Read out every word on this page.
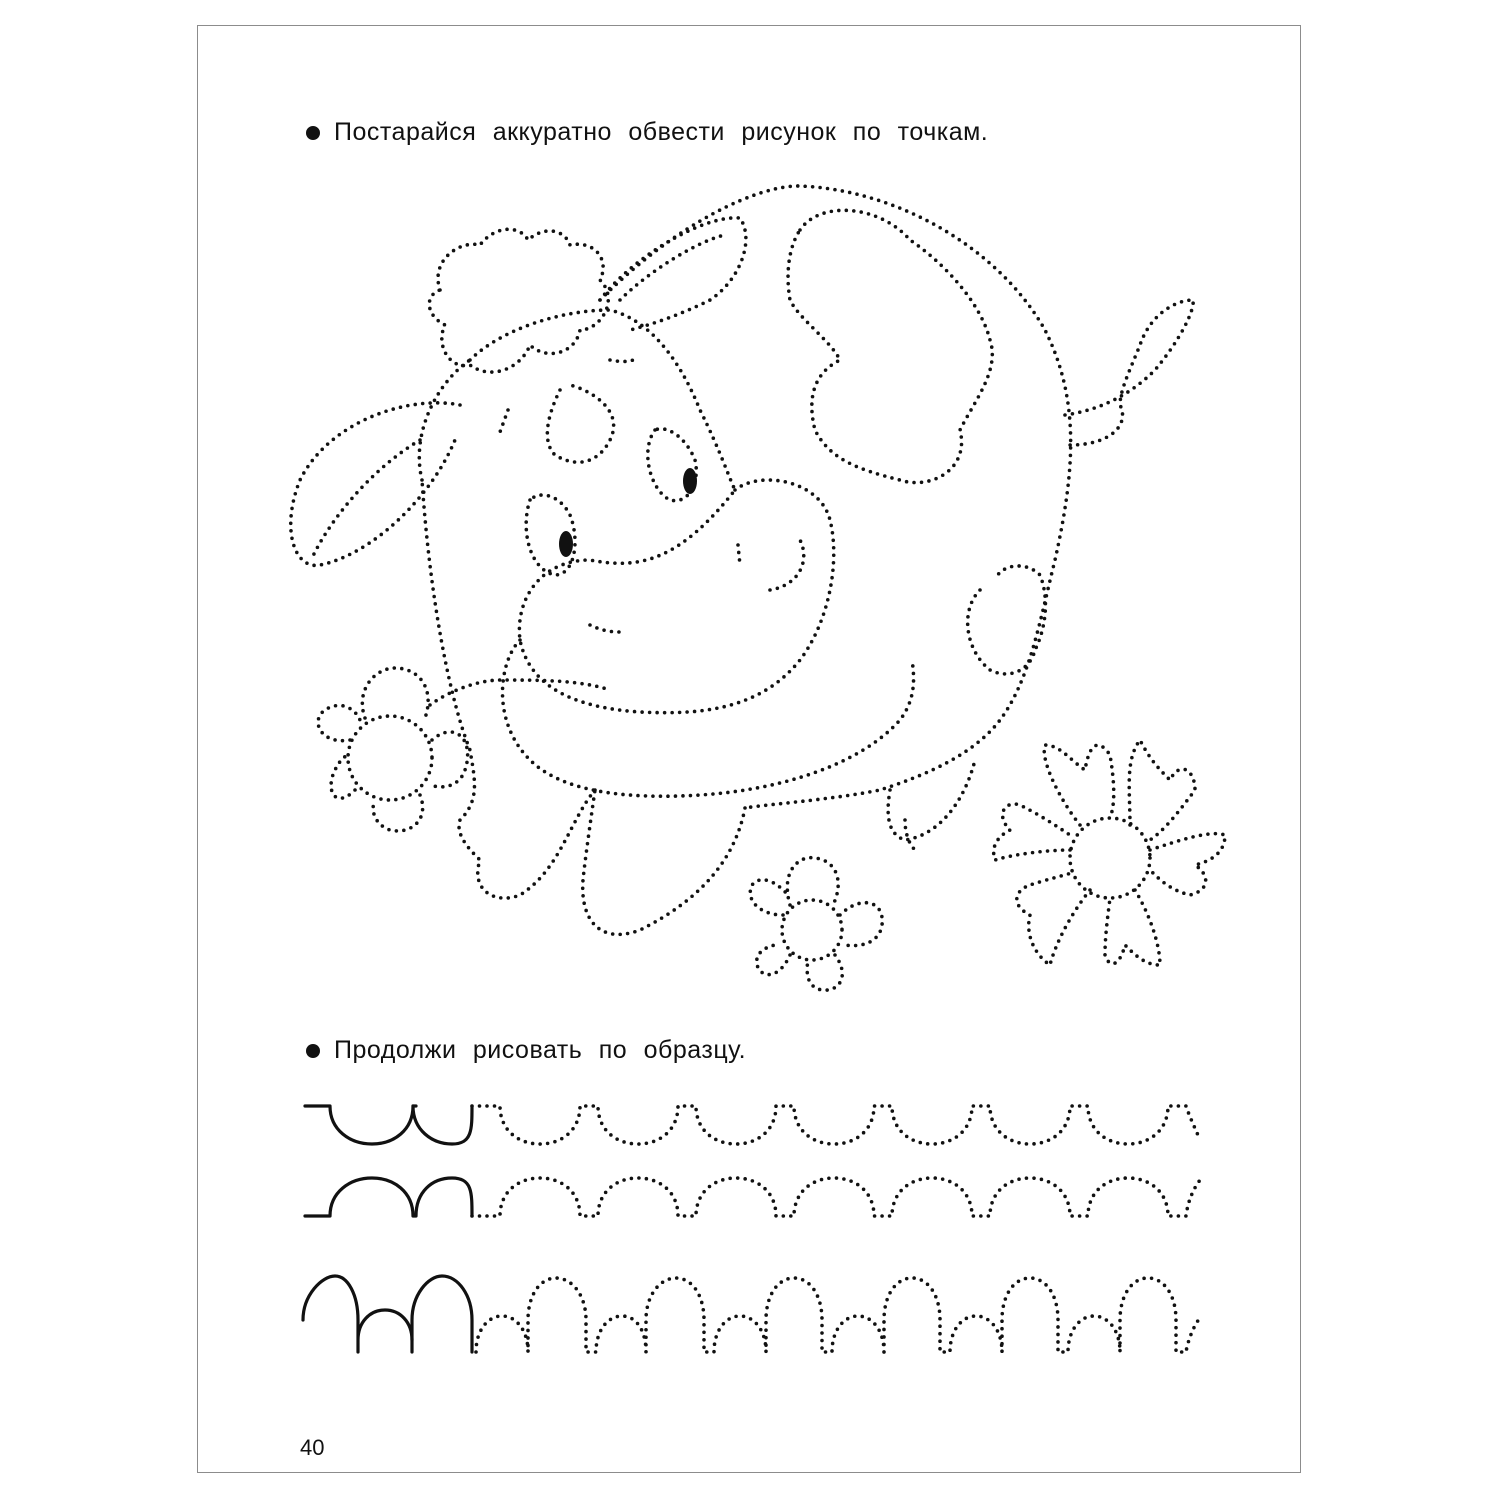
Постарайся аккуратно обвести рисунок по точкам.
Продолжи рисовать по образцу.
40
